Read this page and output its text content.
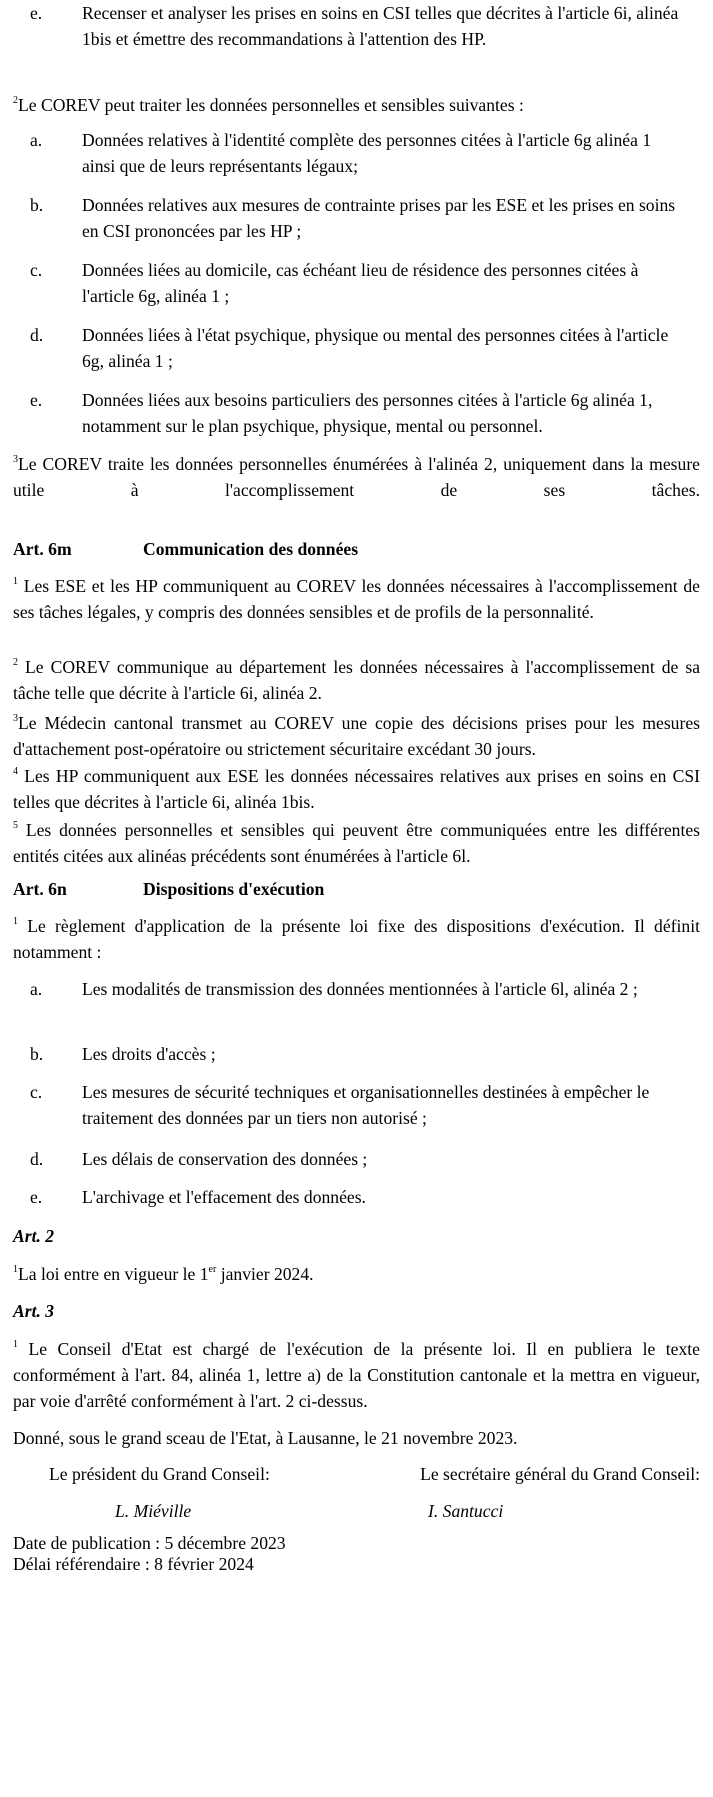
e. Recenser et analyser les prises en soins en CSI telles que décrites à l'article 6i, alinéa 1bis et émettre des recommandations à l'attention des HP.

$^2$Le COREV peut traiter les données personnelles et sensibles suivantes :

a. Données relatives à l'identité complète des personnes citées à l'article 6g alinéa 1 ainsi que de leurs représentants légaux;
b. Données relatives aux mesures de contrainte prises par les ESE et les prises en soins en CSI prononcées par les HP ;
c. Données liées au domicile, cas échéant lieu de résidence des personnes citées à l'article 6g, alinéa 1 ;
d. Données liées à l'état psychique, physique ou mental des personnes citées à l'article 6g, alinéa 1 ;
e. Données liées aux besoins particuliers des personnes citées à l'article 6g alinéa 1, notamment sur le plan psychique, physique, mental ou personnel.

$^3$Le COREV traite les données personnelles énumérées à l'alinéa 2, uniquement dans la mesure utile à l'accomplissement de ses tâches.

Art. 6m	Communication des données

$^1$ Les ESE et les HP communiquent au COREV les données nécessaires à l'accomplissement de ses tâches légales, y compris des données sensibles et de profils de la personnalité.

$^2$ Le COREV communique au département les données nécessaires à l'accomplissement de sa tâche telle que décrite à l'article 6i, alinéa 2.

$^3$Le Médecin cantonal transmet au COREV une copie des décisions prises pour les mesures d'attachement post-opératoire ou strictement sécuritaire excédant 30 jours.

$^4$ Les HP communiquent aux ESE les données nécessaires relatives aux prises en soins en CSI telles que décrites à l'article 6i, alinéa 1bis.

$^5$ Les données personnelles et sensibles qui peuvent être communiquées entre les différentes entités citées aux alinéas précédents sont énumérées à l'article 6l.

Art. 6n	Dispositions d'exécution

$^1$ Le règlement d'application de la présente loi fixe des dispositions d'exécution. Il définit notamment :

a. Les modalités de transmission des données mentionnées à l'article 6l, alinéa 2 ;
b. Les droits d'accès ;
c. Les mesures de sécurité techniques et organisationnelles destinées à empêcher le traitement des données par un tiers non autorisé ;
d. Les délais de conservation des données ;
e. L'archivage et l'effacement des données.
Art. 2

$^1$La loi entre en vigueur le 1er janvier 2024.

Art. 3

$^1$ Le Conseil d'Etat est chargé de l'exécution de la présente loi. Il en publiera le texte conformément à l'art. 84, alinéa 1, lettre a) de la Constitution cantonale et la mettra en vigueur, par voie d'arrêté conformément à l'art. 2 ci-dessus.

Donné, sous le grand sceau de l'Etat, à Lausanne, le 21 novembre 2023.

Le président du Grand Conseil:	Le secrétaire général du Grand Conseil:
L. Miéville	I. Santucci

Date de publication : 5 décembre 2023

Délai référendaire : 8 février 2024
